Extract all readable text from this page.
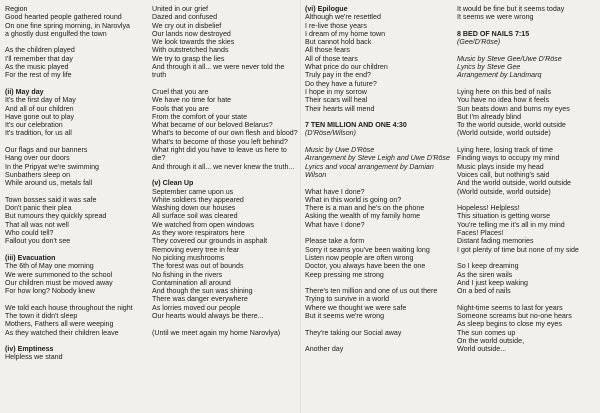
Region
Good hearted people gathered round
On one fine spring morning, in Narovlya
a ghostly dust engulfed the town
As the children played
I'll remember that day
As the music played
For the rest of my life
(ii) May day
It's the first day of May
And all of our children
Have gone out to play
It's our celebration
It's tradition, for us all
Our flags and our banners
Hang over our doors
In the Pripyat we're swimming
Sunbathers sleep on
While around us, metals fall
Town bosses said it was safe
Don't panic their plea
But rumours they quickly spread
That all was not well
Who could tell?
Fallout you don't see
(iii) Evacuation
The 6th of May one morning
We were summoned to the school
Our children must be moved away
For how long? Nobody knew
We told each house throughout the night
The town it didn't sleep
Mothers, Fathers all were weeping
As they watched their children leave
(iv) Emptiness
Helpless we stand
United in our grief
Dazed and confused
We cry out in disbelief
Our lands now destroyed
We look towards the skies
With outstretched hands
We try to grasp the lies
And through it all... we were never told the truth
Cruel that you are
We have no time for hate
Fools that you are
From the comfort of your state
What became of our beloved Belarus?
What's to become of our own flesh and blood?
What's to become of those you left behind?
What right did you have to leave us here to die?
And through it all... we never knew the truth...
(v) Clean Up
September came upon us
White soldiers they appeared
Washing down our houses
All surface soil was cleared
We watched from open windows
As they wore respirators here
They covered our grounds in asphalt
Removing every tree in fear
No picking mushrooms
The forest was out of bounds
No fishing in the rivers
Contamination all around
And though the sun was shining
There was danger everywhere
As lorries moved our people
Our hearts would always be there...
(Until we meet again my home Narovlya)
(vi) Epilogue
Although we're resettled
I re-live those years
I dream of my home town
But cannot hold back
All those fears
All of those tears
What price do our children
Truly pay in the end?
Do they have a future?
I hope in my sorrow
Their scars will heal
Their hearts will mend
7 TEN MILLION AND ONE 4:30
(D'Röse/Wilson)
Music by Uwe D'Röse
Arrangement by Steve Leigh and Uwe D'Röse
Lyrics and vocal arrangement by Damian Wilson
What have I done?
What in this world is going on?
There is a man and he's on the phone
Asking the wealth of my family home
What have I done?
Please take a form
Sorry it seams you've been waiting long
Listen now people are often wrong
Doctor, you always have been the one
Keep pressing me strong
There's ten million and one of us out there
Trying to survive in a world
Where we thought we were safe
But it seems we're wrong
They're taking our Social away
Another day
It would be fine but it seems today
It seems we were wrong
8 BED OF NAILS 7:15
(Gee/D'Röse)
Music by Steve Gee/Uwe D'Röse
Lyrics by Steve Gee
Arrangement by Landmarq
Lying here on this bed of nails
You have no idea how it feels
Sun beats down and burns my eyes
But I'm already blind
To the world outside, world outside
(World outside, world outside)
Lying here, losing track of time
Finding ways to occupy my mind
Music plays inside my head
Voices call, but nothing's said
And the world outside, world outside
(World outside, world outside)
Hopeless! Helpless!
This situation is getting worse
You're telling me it's all in my mind
Faces! Places!
Distant fading memories
I got plenty of time but none of my side
So I keep dreaming
As the siren wails
And I just keep waking
On a bed of nails
Night-time seems to last for years
Someone screams but no-one hears
As sleep begins to close my eyes
The sun comes up
On the world outside,
World outside...
